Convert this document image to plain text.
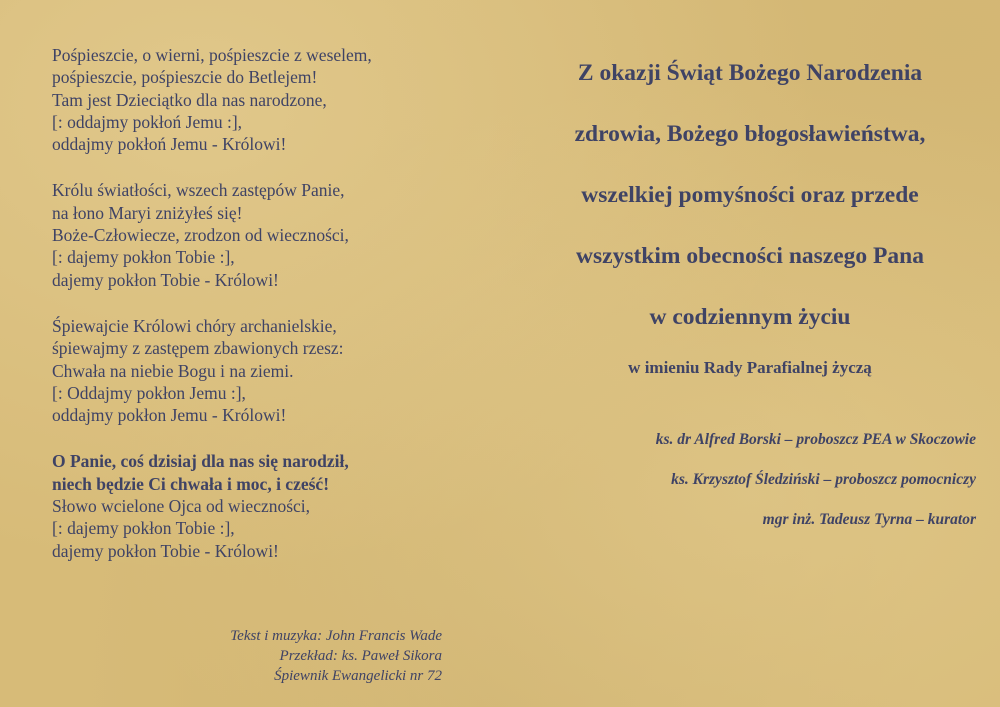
Pośpieszcie, o wierni, pośpieszcie z weselem,
pośpieszcie, pośpieszcie do Betlejem!
Tam jest Dzieciątko dla nas narodzone,
[: oddajmy pokłoń Jemu :],
oddajmy pokłoń Jemu - Królowi!
Królu światłości, wszech zastępów Panie,
na łono Maryi zniżyłeś się!
Boże-Człowiecze, zrodzon od wieczności,
[: dajemy pokłon Tobie :],
dajemy pokłon Tobie - Królowi!
Śpiewajcie Królowi chóry archanielskie,
śpiewajmy z zastępem zbawionych rzesz:
Chwała na niebie Bogu i na ziemi.
[: Oddajmy pokłon Jemu :],
oddajmy pokłon Jemu - Królowi!
O Panie, coś dzisiaj dla nas się narodził,
niech będzie Ci chwała i moc, i cześć!
Słowo wcielone Ojca od wieczności,
[: dajemy pokłon Tobie :],
dajemy pokłon Tobie - Królowi!
Tekst i muzyka: John Francis Wade
Przekład: ks. Paweł Sikora
Śpiewnik Ewangelicki nr 72
Z okazji Świąt Bożego Narodzenia
zdrowia, Bożego błogosławieństwa,
wszelkiej pomyśności oraz przede
wszystkim obecności naszego Pana
w codziennym życiu
w imieniu Rady Parafialnej życzą
ks. dr Alfred Borski – proboszcz PEA w Skoczowie
ks. Krzysztof Śledziński – proboszcz pomocniczy
mgr inż. Tadeusz Tyrna – kurator
